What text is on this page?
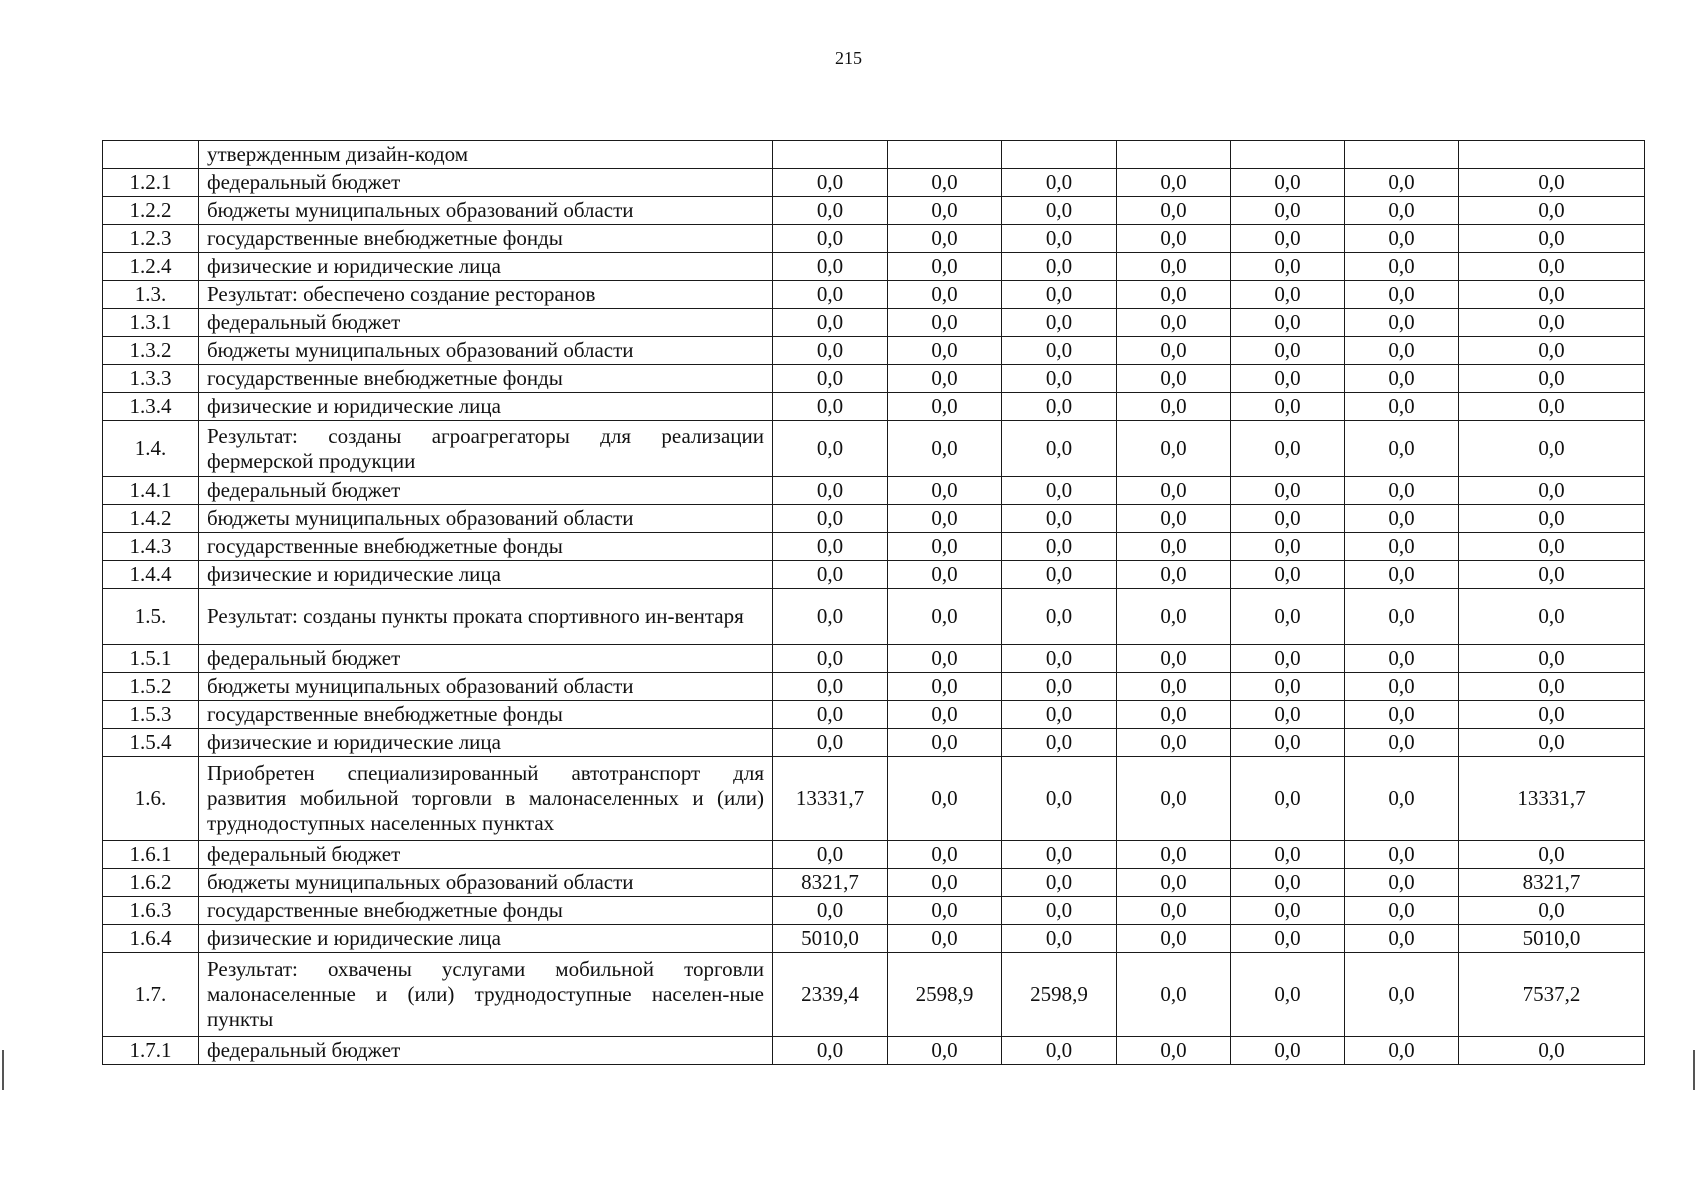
215
	утвержденным дизайн-кодом							
1.2.1	федеральный бюджет	0,0	0,0	0,0	0,0	0,0	0,0	0,0
1.2.2	бюджеты муниципальных образований области	0,0	0,0	0,0	0,0	0,0	0,0	0,0
1.2.3	государственные внебюджетные фонды	0,0	0,0	0,0	0,0	0,0	0,0	0,0
1.2.4	физические и юридические лица	0,0	0,0	0,0	0,0	0,0	0,0	0,0
1.3.	Результат: обеспечено создание ресторанов	0,0	0,0	0,0	0,0	0,0	0,0	0,0
1.3.1	федеральный бюджет	0,0	0,0	0,0	0,0	0,0	0,0	0,0
1.3.2	бюджеты муниципальных образований области	0,0	0,0	0,0	0,0	0,0	0,0	0,0
1.3.3	государственные внебюджетные фонды	0,0	0,0	0,0	0,0	0,0	0,0	0,0
1.3.4	физические и юридические лица	0,0	0,0	0,0	0,0	0,0	0,0	0,0
1.4.	Результат: созданы агроагрегаторы для реализации фермерской продукции	0,0	0,0	0,0	0,0	0,0	0,0	0,0
1.4.1	федеральный бюджет	0,0	0,0	0,0	0,0	0,0	0,0	0,0
1.4.2	бюджеты муниципальных образований области	0,0	0,0	0,0	0,0	0,0	0,0	0,0
1.4.3	государственные внебюджетные фонды	0,0	0,0	0,0	0,0	0,0	0,0	0,0
1.4.4	физические и юридические лица	0,0	0,0	0,0	0,0	0,0	0,0	0,0
1.5.	Результат: созданы пункты проката спортивного ин-вентаря	0,0	0,0	0,0	0,0	0,0	0,0	0,0
1.5.1	федеральный бюджет	0,0	0,0	0,0	0,0	0,0	0,0	0,0
1.5.2	бюджеты муниципальных образований области	0,0	0,0	0,0	0,0	0,0	0,0	0,0
1.5.3	государственные внебюджетные фонды	0,0	0,0	0,0	0,0	0,0	0,0	0,0
1.5.4	физические и юридические лица	0,0	0,0	0,0	0,0	0,0	0,0	0,0
1.6.	Приобретен специализированный автотранспорт для развития мобильной торговли в малонаселенных и (или) труднодоступных населенных пунктах	13331,7	0,0	0,0	0,0	0,0	0,0	13331,7
1.6.1	федеральный бюджет	0,0	0,0	0,0	0,0	0,0	0,0	0,0
1.6.2	бюджеты муниципальных образований области	8321,7	0,0	0,0	0,0	0,0	0,0	8321,7
1.6.3	государственные внебюджетные фонды	0,0	0,0	0,0	0,0	0,0	0,0	0,0
1.6.4	физические и юридические лица	5010,0	0,0	0,0	0,0	0,0	0,0	5010,0
1.7.	Результат: охвачены услугами мобильной торговли малонаселенные и (или) труднодоступные населен-ные пункты	2339,4	2598,9	2598,9	0,0	0,0	0,0	7537,2
1.7.1	федеральный бюджет	0,0	0,0	0,0	0,0	0,0	0,0	0,0
